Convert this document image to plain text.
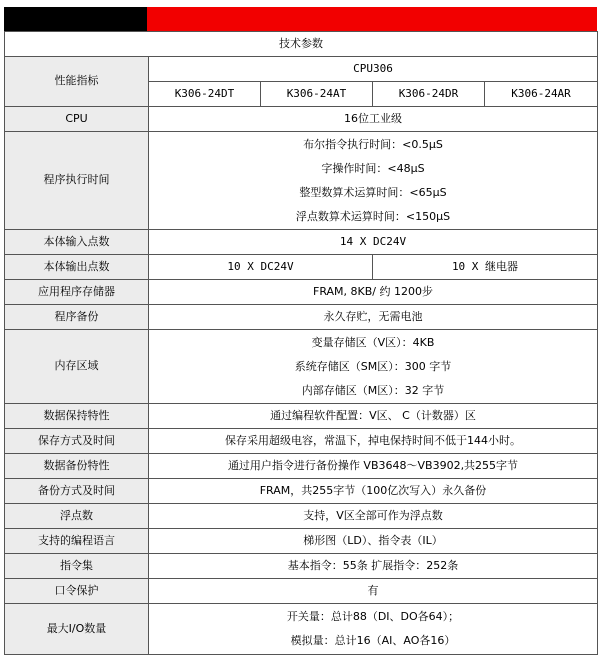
技术参数				
性能指标	CPU306			
	K306-24DT	K306-24AT	K306-24DR	K306-24AR
CPU	16位工业级			
程序执行时间	布尔指令执行时间：<0.5μS
字操作时间：<48μS
整型数算术运算时间：<65μS
浮点数算术运算时间：<150μS			

本体输入点数	14 X DC24V			
本体输出点数	10 X DC24V		10 X 继电器	
应用程序存储器	FRAM, 8KB/ 约 1200步			
程序备份	永久存贮，无需电池			
内存区域	变量存储区（V区）：4KB
系统存储区（SM区）：300 字节
内部存储区（M区）：32 字节			

数据保持特性	通过编程软件配置：V区、 C（计数器）区			
保存方式及时间	保存采用超级电容，常温下，掉电保持时间不低于144小时。			
数据备份特性	通过用户指令进行备份操作 VB3648～VB3902,共255字节			
备份方式及时间	FRAM，共255字节（100亿次写入）永久备份			
浮点数	支持，V区全部可作为浮点数			
支持的编程语言	梯形图（LD）、指令表（IL）			
指令集	基本指令：55条 扩展指令：252条			
口令保护	有			
最大I/O数量	开关量：总计88（DI、DO各64）；
模拟量：总计16（AI、AO各16）			
